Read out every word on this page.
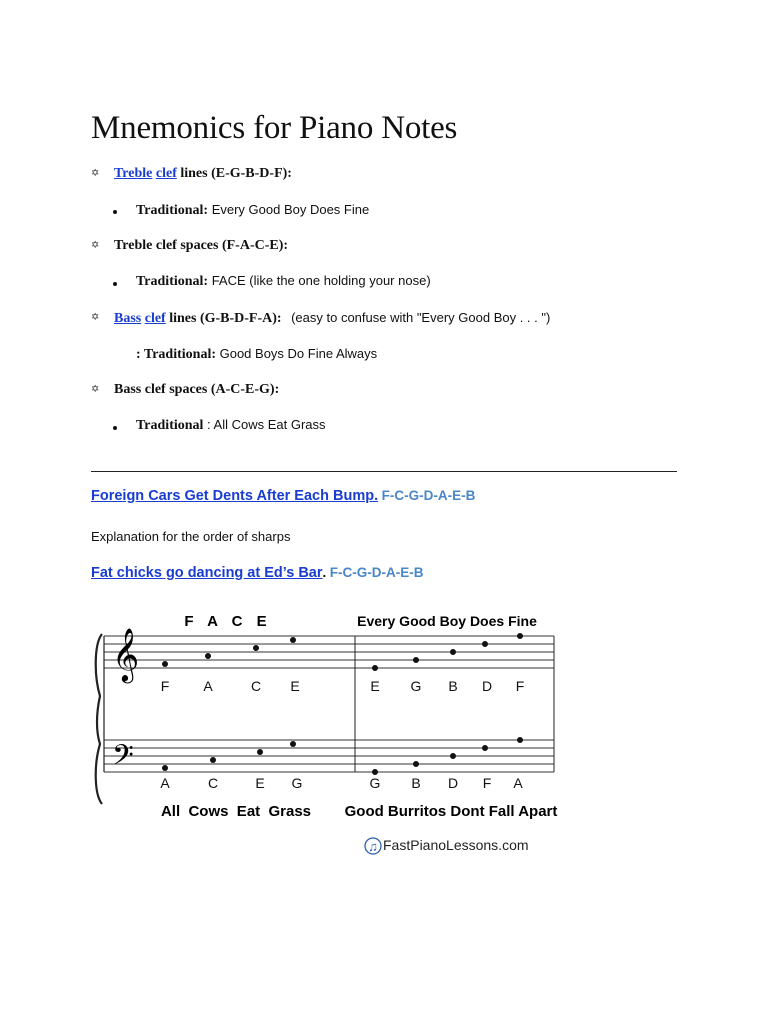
Mnemonics for Piano Notes
✡ Treble clef lines (E-G-B-D-F):
Traditional: Every Good Boy Does Fine
✡ Treble clef spaces (F-A-C-E):
Traditional: FACE (like the one holding your nose)
✡ Bass clef lines (G-B-D-F-A): (easy to confuse with "Every Good Boy . . . ")
: Traditional: Good Boys Do Fine Always
✡ Bass clef spaces (A-C-E-G):
Traditional : All Cows Eat Grass
Foreign Cars Get Dents After Each Bump. F-C-G-D-A-E-B
Explanation for the order of sharps
Fat chicks go dancing at Ed’s Bar. F-C-G-D-A-E-B
F A C E	Every Good Boy Does Fine
𝄞
𝄢
F A	C E	E G B D F
A	C	E G	G B D F A
All  Cows  Eat  Grass Good Burritos Dont Fall Apart
♫ FastPianoLessons.com
